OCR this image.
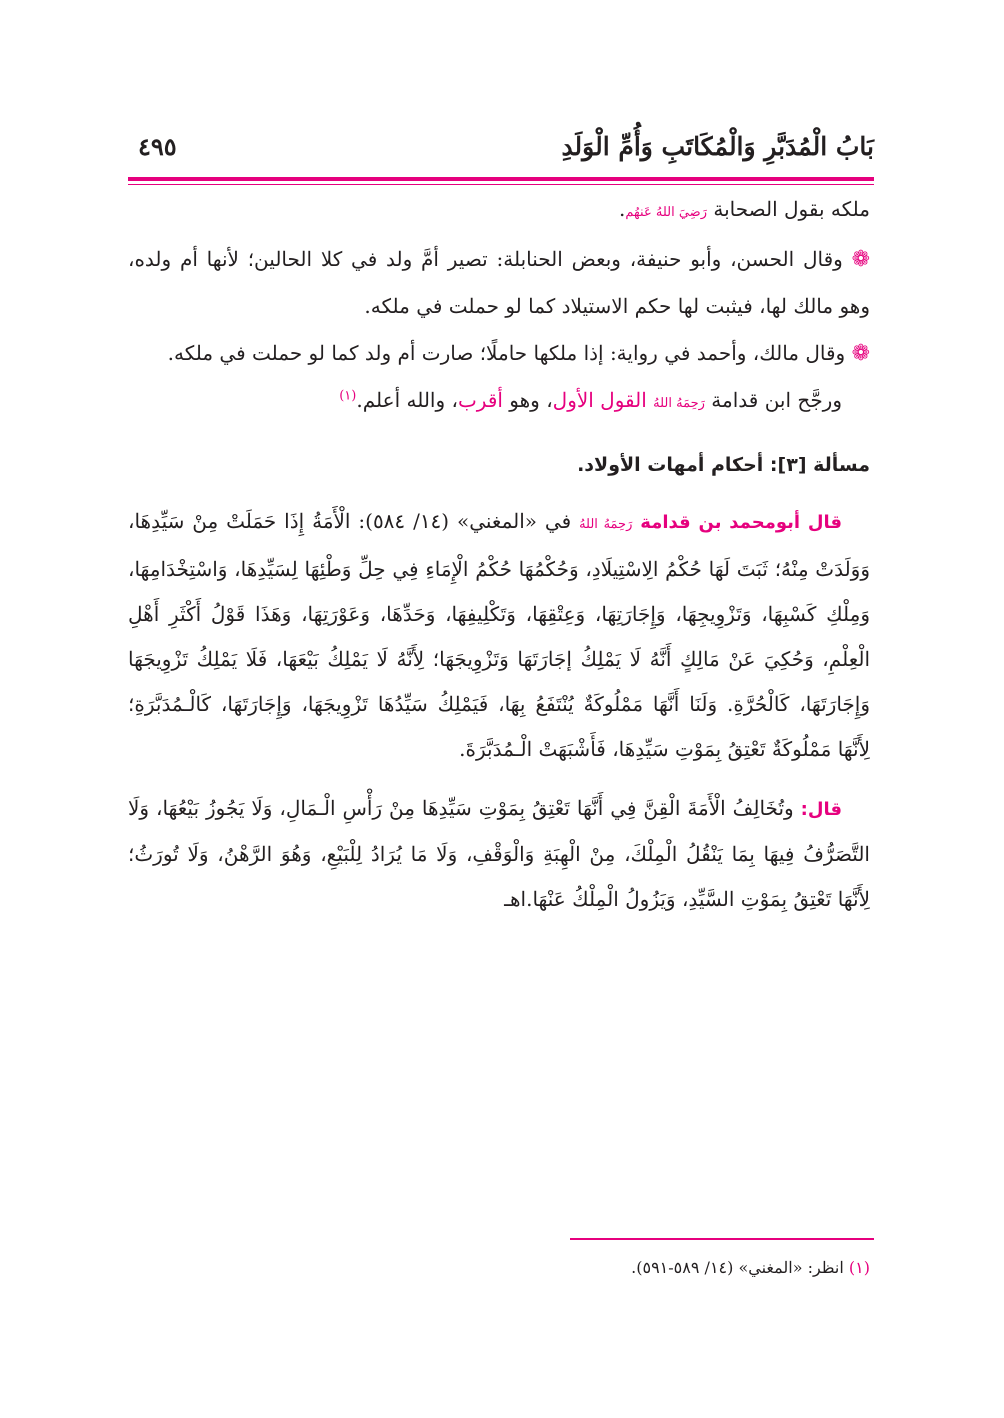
بَابُ الْمُدَبَّرِ وَالْمُكَاتَبِ وَأُمِّ الْوَلَدِ
٤٩٥

ملكه بقول الصحابة رَضِيَ اللهُ عَنهُم.

❁ وقال الحسن، وأبو حنيفة، وبعض الحنابلة: تصير أمَّ ولد في كلا الحالين؛ لأنها أم ولده، وهو مالك لها، فيثبت لها حكم الاستيلاد كما لو حملت في ملكه.

❁ وقال مالك، وأحمد في رواية: إذا ملكها حاملًا؛ صارت أم ولد كما لو حملت في ملكه.

ورجَّح ابن قدامة رَحِمَهُ اللهُ القول الأول، وهو أقرب، والله أعلم.$^{(١)}$

مسألة [٣]: أحكام أمهات الأولاد.

قال أبومحمد بن قدامة رَحِمَهُ اللهُ في «المغني» (١٤/ ٥٨٤): الْأَمَةُ إِذَا حَمَلَتْ مِنْ سَيِّدِهَا، وَوَلَدَتْ مِنْهُ؛ ثَبَتَ لَهَا حُكْمُ الِاسْتِيلَادِ، وَحُكْمُهَا حُكْمُ الْإِمَاءِ فِي حِلِّ وَطْئِهَا لِسَيِّدِهَا، وَاسْتِخْدَامِهَا، وَمِلْكِ كَسْبِهَا، وَتَزْوِيجِهَا، وَإِجَارَتِهَا، وَعِتْقِهَا، وَتَكْلِيفِهَا، وَحَدِّهَا، وَعَوْرَتِهَا، وَهَذَا قَوْلُ أَكْثَرِ أَهْلِ الْعِلْمِ، وَحُكِيَ عَنْ مَالِكٍ أَنَّهُ لَا يَمْلِكُ إجَارَتَهَا وَتَزْوِيجَهَا؛ لِأَنَّهُ لَا يَمْلِكُ بَيْعَهَا، فَلَا يَمْلِكُ تَزْوِيجَهَا وَإِجَارَتَهَا، كَالْحُرَّةِ. وَلَنَا أَنَّهَا مَمْلُوكَةٌ يُنْتَفَعُ بِهَا، فَيَمْلِكُ سَيِّدُهَا تَزْوِيجَهَا، وَإِجَارَتَهَا، كَالْـمُدَبَّرَةِ؛ لِأَنَّهَا مَمْلُوكَةٌ تَعْتِقُ بِمَوْتِ سَيِّدِهَا، فَأَشْبَهَتْ الْـمُدَبَّرَةَ.

قال: وتُخَالِفُ الْأَمَةَ الْقِنَّ فِي أَنَّهَا تَعْتِقُ بِمَوْتِ سَيِّدِهَا مِنْ رَأْسِ الْـمَالِ، وَلَا يَجُوزُ بَيْعُهَا، وَلَا التَّصَرُّفُ فِيهَا بِمَا يَنْقُلُ الْمِلْكَ، مِنْ الْهِبَةِ وَالْوَقْفِ، وَلَا مَا يُرَادُ لِلْبَيْعِ، وَهُوَ الرَّهْنُ، وَلَا تُورَثُ؛ لِأَنَّهَا تَعْتِقُ بِمَوْتِ السَّيِّدِ، وَيَزُولُ الْمِلْكُ عَنْهَا.اهـ

(١) انظر: «المغني» (١٤/ ٥٨٩-٥٩١).
